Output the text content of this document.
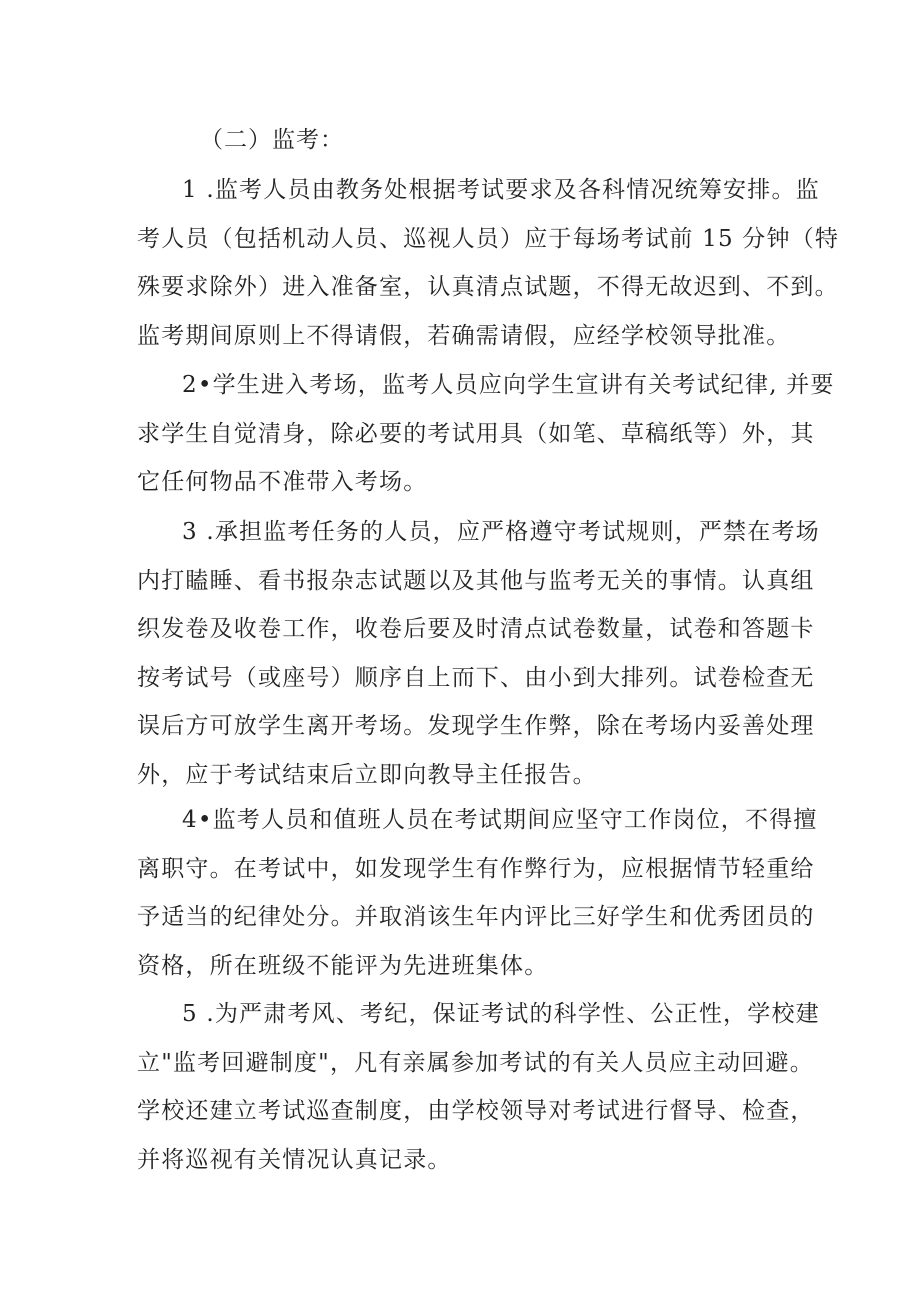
（二）监考：
1 .监考人员由教务处根据考试要求及各科情况统筹安排。监
考人员（包括机动人员、巡视人员）应于每场考试前 15 分钟（特
殊要求除外）进入准备室，认真清点试题，不得无故迟到、不到。
监考期间原则上不得请假，若确需请假，应经学校领导批准。
2•学生进入考场，监考人员应向学生宣讲有关考试纪律, 并要
求学生自觉清身，除必要的考试用具（如笔、草稿纸等）外，其
它任何物品不准带入考场。
3 .承担监考任务的人员，应严格遵守考试规则，严禁在考场
内打瞌睡、看书报杂志试题以及其他与监考无关的事情。认真组
织发卷及收卷工作，收卷后要及时清点试卷数量，试卷和答题卡
按考试号（或座号）顺序自上而下、由小到大排列。试卷检查无
误后方可放学生离开考场。发现学生作弊，除在考场内妥善处理
外，应于考试结束后立即向教导主任报告。
4•监考人员和值班人员在考试期间应坚守工作岗位，不得擅
离职守。在考试中，如发现学生有作弊行为，应根据情节轻重给
予适当的纪律处分。并取消该生年内评比三好学生和优秀团员的
资格，所在班级不能评为先进班集体。
5 .为严肃考风、考纪，保证考试的科学性、公正性，学校建
立"监考回避制度"，凡有亲属参加考试的有关人员应主动回避。
学校还建立考试巡查制度，由学校领导对考试进行督导、检查，
并将巡视有关情况认真记录。
